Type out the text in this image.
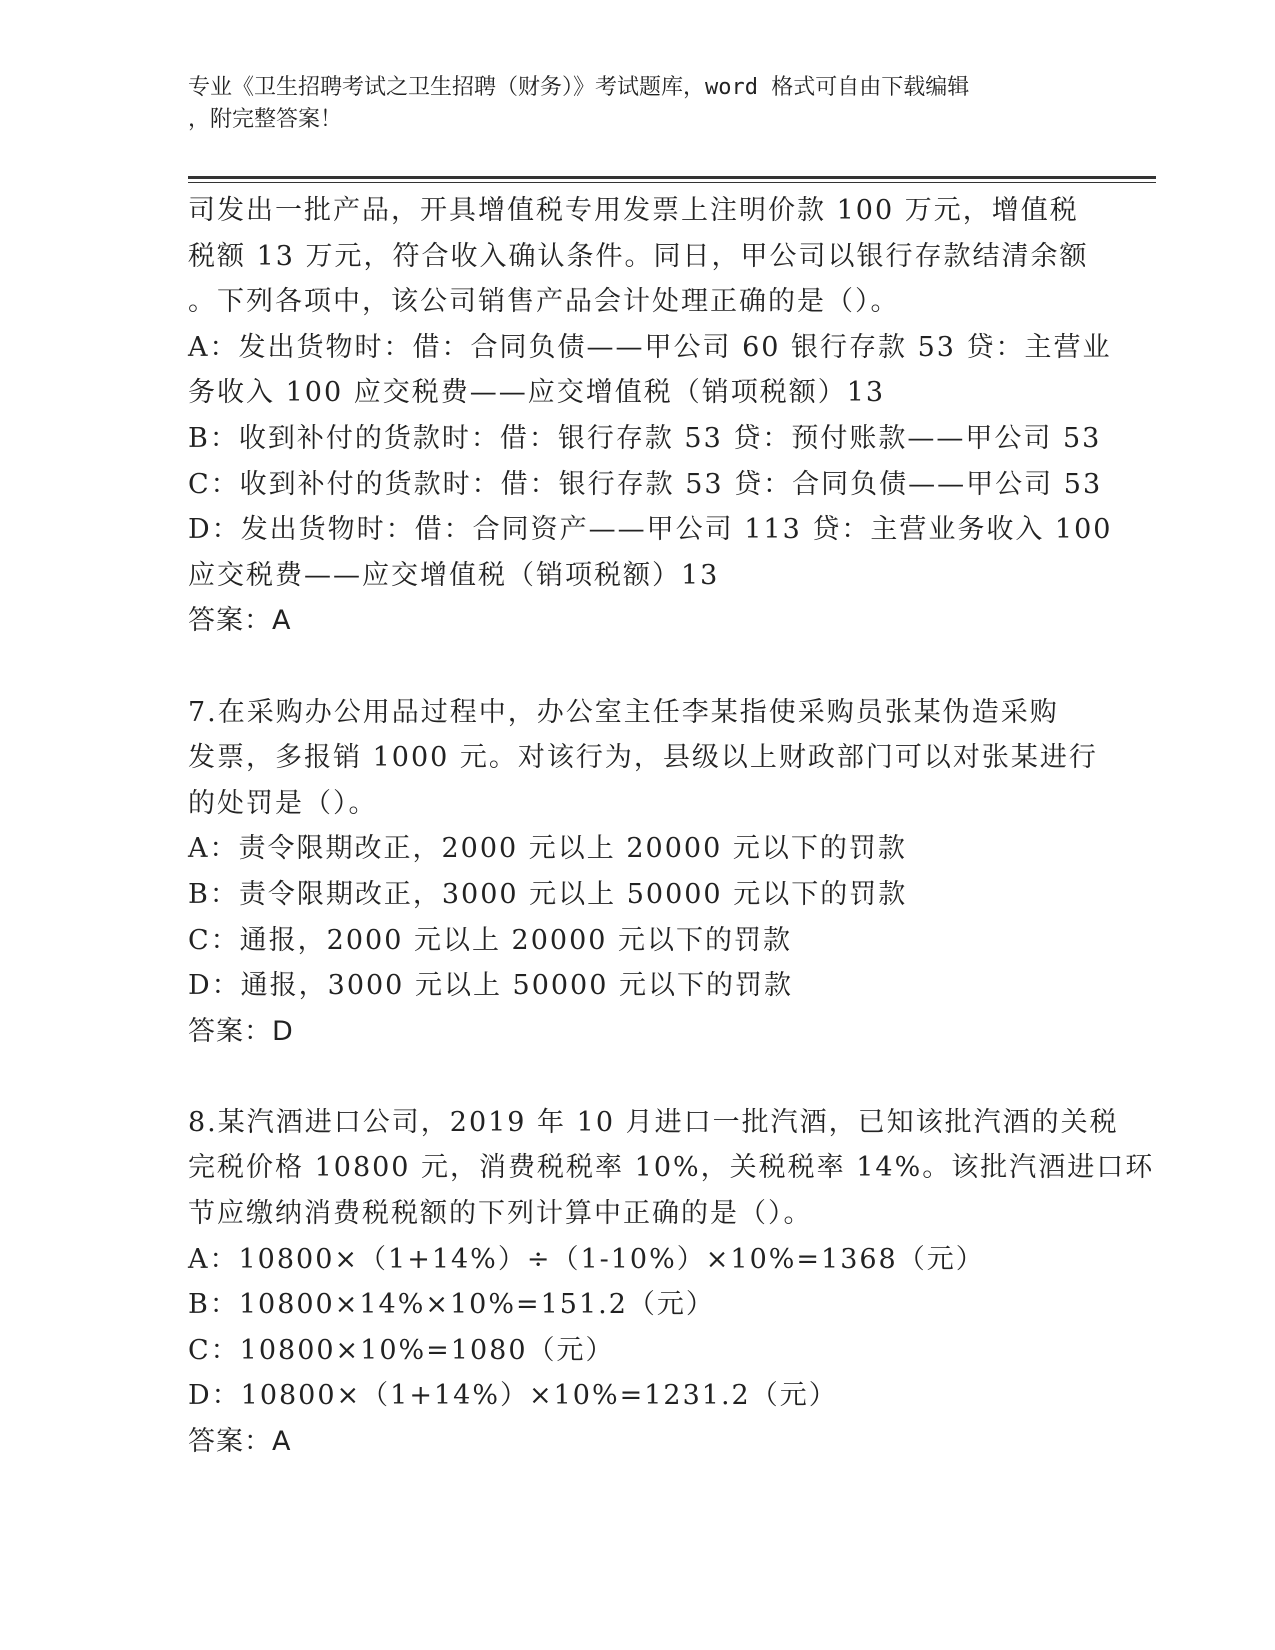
专业《卫生招聘考试之卫生招聘（财务）》考试题库，word 格式可自由下载编辑
，附完整答案！
司发出一批产品，开具增值税专用发票上注明价款 100 万元，增值税
税额 13 万元，符合收入确认条件。同日，甲公司以银行存款结清余额
。下列各项中，该公司销售产品会计处理正确的是（）。
A：发出货物时：借：合同负债——甲公司 60 银行存款 53 贷：主营业
务收入 100 应交税费——应交增值税（销项税额）13
B：收到补付的货款时：借：银行存款 53 贷：预付账款——甲公司 53
C：收到补付的货款时：借：银行存款 53 贷：合同负债——甲公司 53
D：发出货物时：借：合同资产——甲公司 113 贷：主营业务收入 100
应交税费——应交增值税（销项税额）13
答案：A
7.在采购办公用品过程中，办公室主任李某指使采购员张某伪造采购
发票，多报销 1000 元。对该行为，县级以上财政部门可以对张某进行
的处罚是（）。
A：责令限期改正，2000 元以上 20000 元以下的罚款
B：责令限期改正，3000 元以上 50000 元以下的罚款
C：通报，2000 元以上 20000 元以下的罚款
D：通报，3000 元以上 50000 元以下的罚款
答案：D
8.某汽酒进口公司，2019 年 10 月进口一批汽酒，已知该批汽酒的关税
完税价格 10800 元，消费税税率 10%，关税税率 14%。该批汽酒进口环
节应缴纳消费税税额的下列计算中正确的是（）。
A：10800×（1+14%）÷（1-10%）×10%=1368（元）
B：10800×14%×10%=151.2（元）
C：10800×10%=1080（元）
D：10800×（1+14%）×10%=1231.2（元）
答案：A
